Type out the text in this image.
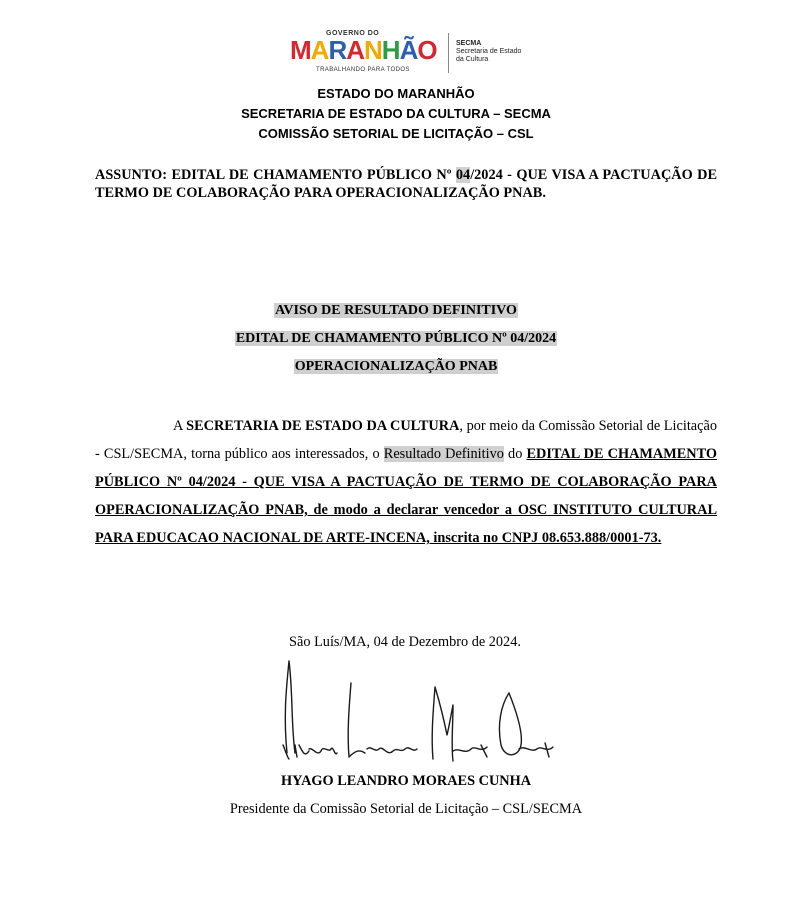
GOVERNO DO
MARANHÃO
TRABALHANDO PARA TODOS
SECMA
Secretaria de Estado
da Cultura
ESTADO DO MARANHÃO
SECRETARIA DE ESTADO DA CULTURA – SECMA
COMISSÃO SETORIAL DE LICITAÇÃO – CSL
ASSUNTO: EDITAL DE CHAMAMENTO PÚBLICO Nº 04/2024 - QUE VISA A PACTUAÇÃO DE TERMO DE COLABORAÇÃO PARA OPERACIONALIZAÇÃO PNAB.
AVISO DE RESULTADO DEFINITIVO
EDITAL DE CHAMAMENTO PÚBLICO Nº 04/2024
OPERACIONALIZAÇÃO PNAB
A SECRETARIA DE ESTADO DA CULTURA, por meio da Comissão Setorial de Licitação - CSL/SECMA, torna público aos interessados, o Resultado Definitivo do EDITAL DE CHAMAMENTO PÚBLICO Nº 04/2024 - QUE VISA A PACTUAÇÃO DE TERMO DE COLABORAÇÃO PARA OPERACIONALIZAÇÃO PNAB, de modo a declarar vencedor a OSC INSTITUTO CULTURAL PARA EDUCACAO NACIONAL DE ARTE-INCENA, inscrita no CNPJ 08.653.888/0001-73.
São Luís/MA, 04 de Dezembro de 2024.
HYAGO LEANDRO MORAES CUNHA
Presidente da Comissão Setorial de Licitação – CSL/SECMA
